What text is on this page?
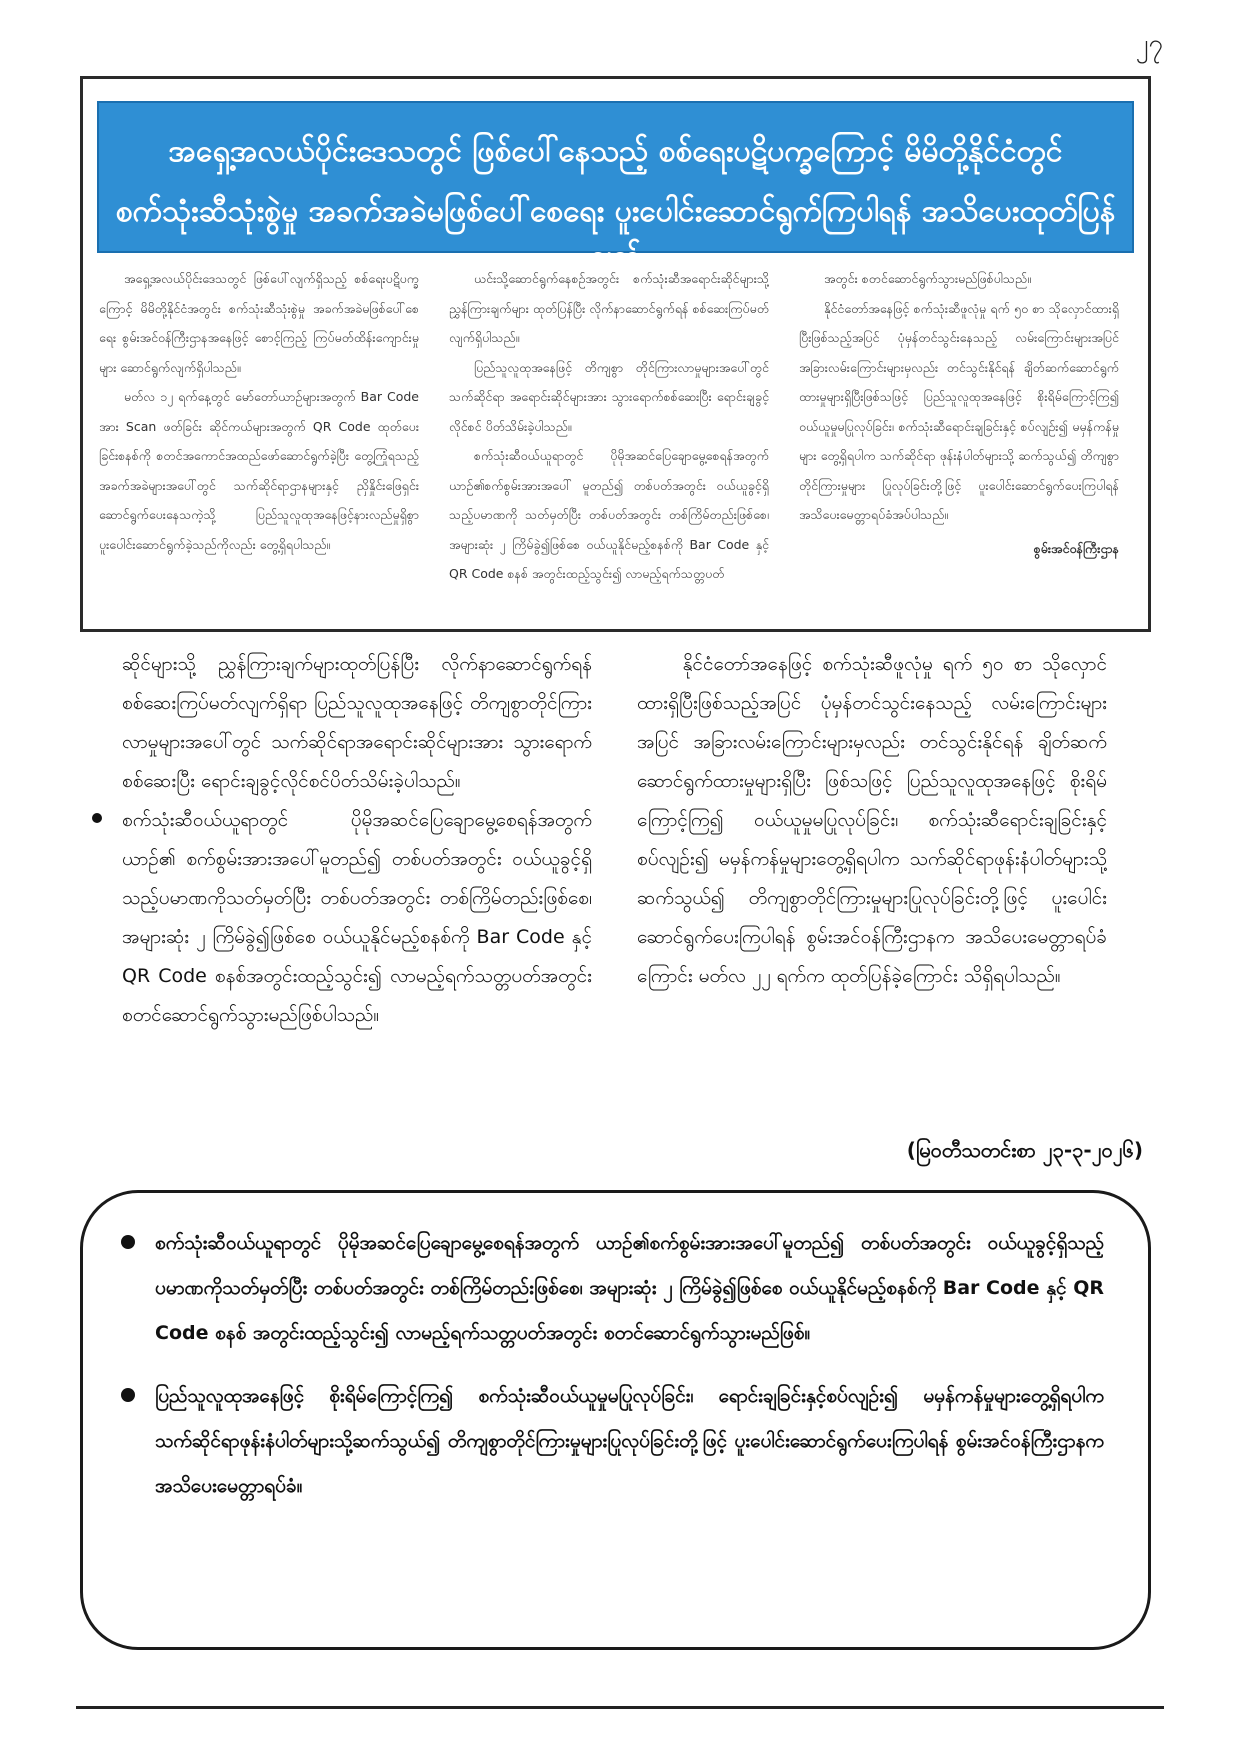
၂၇
အရှေ့အလယ်ပိုင်းဒေသတွင် ဖြစ်ပေါ်နေသည့် စစ်ရေးပဋိပက္ခကြောင့် မိမိတို့နိုင်ငံတွင်
စက်သုံးဆီသုံးစွဲမှု အခက်အခဲမဖြစ်ပေါ်စေရေး ပူးပေါင်းဆောင်ရွက်ကြပါရန် အသိပေးထုတ်ပြန်ချက်

အရှေ့အလယ်ပိုင်းဒေသတွင် ဖြစ်ပေါ်လျက်ရှိသည့် စစ်ရေးပဋိပက္ခကြောင့် မိမိတို့နိုင်ငံအတွင်း စက်သုံးဆီသုံးစွဲမှု အခက်အခဲမဖြစ်ပေါ်စေရေး စွမ်းအင်ဝန်ကြီးဌာနအနေဖြင့် စောင့်ကြည့် ကြပ်မတ်ထိန်းကျောင်းမှုများ ဆောင်ရွက်လျက်ရှိပါသည်။

မတ်လ ၁၂ ရက်နေ့တွင် မော်တော်ယာဉ်များအတွက် Bar Code အား Scan ဖတ်ခြင်း ဆိုင်ကယ်များအတွက် QR Code ထုတ်ပေးခြင်းစနစ်ကို စတင်အကောင်အထည်ဖော်ဆောင်ရွက်ခဲ့ပြီး တွေ့ကြုံရသည့် အခက်အခဲများအပေါ်တွင် သက်ဆိုင်ရာဌာနများနှင့် ညှိနှိုင်းဖြေရှင်း ဆောင်ရွက်ပေးနေသကဲ့သို့ ပြည်သူလူထုအနေဖြင့်နားလည်မှုရှိစွာ ပူးပေါင်းဆောင်ရွက်ခဲ့သည်ကိုလည်း တွေ့ရှိရပါသည်။

ယင်းသို့ဆောင်ရွက်နေစဉ်အတွင်း စက်သုံးဆီအရောင်းဆိုင်များသို့ ညွှန်ကြားချက်များ ထုတ်ပြန်ပြီး လိုက်နာဆောင်ရွက်ရန် စစ်ဆေးကြပ်မတ်လျက်ရှိပါသည်။

ပြည်သူလူထုအနေဖြင့် တိကျစွာ တိုင်ကြားလာမှုများအပေါ်တွင် သက်ဆိုင်ရာ အရောင်းဆိုင်များအား သွားရောက်စစ်ဆေးပြီး ရောင်းချခွင့်လိုင်စင် ပိတ်သိမ်းခဲ့ပါသည်။

စက်သုံးဆီဝယ်ယူရာတွင် ပိုမိုအဆင်ပြေချောမွေ့စေရန်အတွက် ယာဉ်၏စက်စွမ်းအားအပေါ် မူတည်၍ တစ်ပတ်အတွင်း ဝယ်ယူခွင့်ရှိသည့်ပမာဏကို သတ်မှတ်ပြီး တစ်ပတ်အတွင်း တစ်ကြိမ်တည်းဖြစ်စေ၊ အများဆုံး ၂ ကြိမ်ခွဲ၍ဖြစ်စေ ဝယ်ယူနိုင်မည့်စနစ်ကို Bar Code နှင့် QR Code စနစ် အတွင်းထည့်သွင်း၍ လာမည့်ရက်သတ္တပတ်

အတွင်း စတင်ဆောင်ရွက်သွားမည်ဖြစ်ပါသည်။

နိုင်ငံတော်အနေဖြင့် စက်သုံးဆီဖူလုံမှု ရက် ၅၀ စာ သိုလှောင်ထားရှိပြီးဖြစ်သည့်အပြင် ပုံမှန်တင်သွင်းနေသည့် လမ်းကြောင်းများအပြင် အခြားလမ်းကြောင်းများမှလည်း တင်သွင်းနိုင်ရန် ချိတ်ဆက်ဆောင်ရွက်ထားမှုများရှိပြီးဖြစ်သဖြင့် ပြည်သူလူထုအနေဖြင့် စိုးရိမ်ကြောင့်ကြ၍ ဝယ်ယူမှုမပြုလုပ်ခြင်း၊ စက်သုံးဆီရောင်းချခြင်းနှင့် စပ်လျဉ်း၍ မမှန်ကန်မှုများ တွေ့ရှိရပါက သက်ဆိုင်ရာ ဖုန်းနံပါတ်များသို့ ဆက်သွယ်၍ တိကျစွာတိုင်ကြားမှုများ ပြုလုပ်ခြင်းတို့ဖြင့် ပူးပေါင်းဆောင်ရွက်ပေးကြပါရန် အသိပေးမေတ္တာရပ်ခံအပ်ပါသည်။

စွမ်းအင်ဝန်ကြီးဌာန

ဆိုင်များသို့ ညွှန်ကြားချက်များထုတ်ပြန်ပြီး လိုက်နာဆောင်ရွက်ရန် စစ်ဆေးကြပ်မတ်လျက်ရှိရာ ပြည်သူလူထုအနေဖြင့် တိကျစွာတိုင်ကြားလာမှုများအပေါ်တွင် သက်ဆိုင်ရာအရောင်းဆိုင်များအား သွားရောက်စစ်ဆေးပြီး ရောင်းချခွင့်လိုင်စင်ပိတ်သိမ်းခဲ့ပါသည်။

စက်သုံးဆီဝယ်ယူရာတွင် ပိုမိုအဆင်ပြေချောမွေ့စေရန်အတွက် ယာဉ်၏ စက်စွမ်းအားအပေါ်မူတည်၍ တစ်ပတ်အတွင်း ဝယ်ယူခွင့်ရှိသည့်ပမာဏကိုသတ်မှတ်ပြီး တစ်ပတ်အတွင်း တစ်ကြိမ်တည်းဖြစ်စေ၊ အများဆုံး ၂ ကြိမ်ခွဲ၍ဖြစ်စေ ဝယ်ယူနိုင်မည့်စနစ်ကို Bar Code နှင့် QR Code စနစ်အတွင်းထည့်သွင်း၍ လာမည့်ရက်သတ္တပတ်အတွင်း စတင်ဆောင်ရွက်သွားမည်ဖြစ်ပါသည်။

နိုင်ငံတော်အနေဖြင့် စက်သုံးဆီဖူလုံမှု ရက် ၅၀ စာ သိုလှောင်ထားရှိပြီးဖြစ်သည့်အပြင် ပုံမှန်တင်သွင်းနေသည့် လမ်းကြောင်းများအပြင် အခြားလမ်းကြောင်းများမှလည်း တင်သွင်းနိုင်ရန် ချိတ်ဆက်ဆောင်ရွက်ထားမှုများရှိပြီး ဖြစ်သဖြင့် ပြည်သူလူထုအနေဖြင့် စိုးရိမ်ကြောင့်ကြ၍ ဝယ်ယူမှုမပြုလုပ်ခြင်း၊ စက်သုံးဆီရောင်းချခြင်းနှင့်စပ်လျဉ်း၍ မမှန်ကန်မှုများတွေ့ရှိရပါက သက်ဆိုင်ရာဖုန်းနံပါတ်များသို့ ဆက်သွယ်၍ တိကျစွာတိုင်ကြားမှုများပြုလုပ်ခြင်းတို့ဖြင့် ပူးပေါင်းဆောင်ရွက်ပေးကြပါရန် စွမ်းအင်ဝန်ကြီးဌာနက အသိပေးမေတ္တာရပ်ခံကြောင်း မတ်လ ၂၂ ရက်က ထုတ်ပြန်ခဲ့ကြောင်း သိရှိရပါသည်။

(မြဝတီသတင်းစာ ၂၃-၃-၂၀၂၆)

စက်သုံးဆီဝယ်ယူရာတွင် ပိုမိုအဆင်ပြေချောမွေ့စေရန်အတွက် ယာဉ်၏စက်စွမ်းအားအပေါ်မူတည်၍ တစ်ပတ်အတွင်း ဝယ်ယူခွင့်ရှိသည့်ပမာဏကိုသတ်မှတ်ပြီး တစ်ပတ်အတွင်း တစ်ကြိမ်တည်းဖြစ်စေ၊ အများဆုံး ၂ ကြိမ်ခွဲ၍ဖြစ်စေ ဝယ်ယူနိုင်မည့်စနစ်ကို Bar Code နှင့် QR Code စနစ် အတွင်းထည့်သွင်း၍ လာမည့်ရက်သတ္တပတ်အတွင်း စတင်ဆောင်ရွက်သွားမည်ဖြစ်။

ပြည်သူလူထုအနေဖြင့် စိုးရိမ်ကြောင့်ကြ၍ စက်သုံးဆီဝယ်ယူမှုမပြုလုပ်ခြင်း၊ ရောင်းချခြင်းနှင့်စပ်လျဉ်း၍ မမှန်ကန်မှုများတွေ့ရှိရပါက သက်ဆိုင်ရာဖုန်းနံပါတ်များသို့ဆက်သွယ်၍ တိကျစွာတိုင်ကြားမှုများပြုလုပ်ခြင်းတို့ဖြင့် ပူးပေါင်းဆောင်ရွက်ပေးကြပါရန် စွမ်းအင်ဝန်ကြီးဌာနက အသိပေးမေတ္တာရပ်ခံ။
